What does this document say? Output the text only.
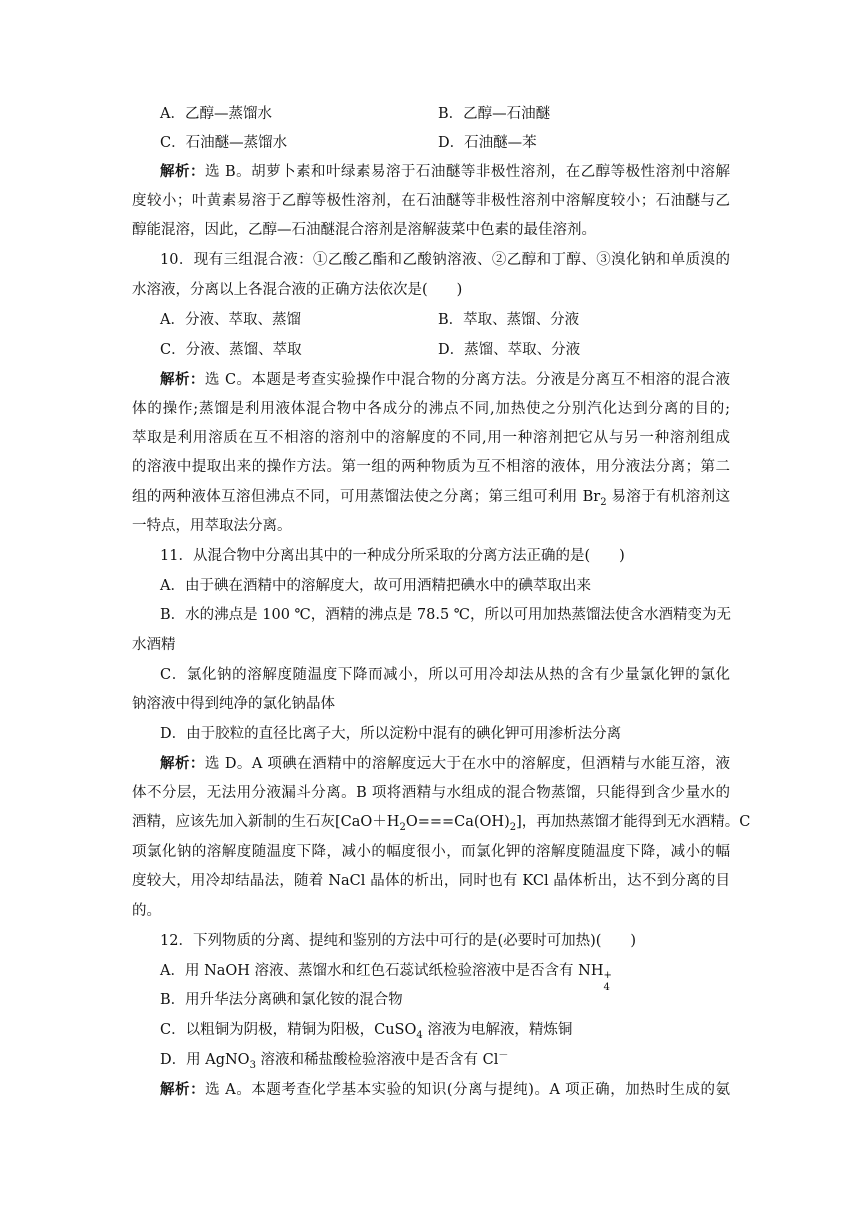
A．乙醇—蒸馏水	B．乙醇—石油醚
C．石油醚—蒸馏水	D．石油醚—苯
解析：选 B。胡萝卜素和叶绿素易溶于石油醚等非极性溶剂，在乙醇等极性溶剂中溶解
度较小；叶黄素易溶于乙醇等极性溶剂，在石油醚等非极性溶剂中溶解度较小；石油醚与乙
醇能混溶，因此，乙醇—石油醚混合溶剂是溶解菠菜中色素的最佳溶剂。
10．现有三组混合液：①乙酸乙酯和乙酸钠溶液、②乙醇和丁醇、③溴化钠和单质溴的
水溶液，分离以上各混合液的正确方法依次是(　　)
A．分液、萃取、蒸馏	B．萃取、蒸馏、分液
C．分液、蒸馏、萃取	D．蒸馏、萃取、分液
解析：选 C。本题是考查实验操作中混合物的分离方法。分液是分离互不相溶的混合液
体的操作;蒸馏是利用液体混合物中各成分的沸点不同,加热使之分别汽化达到分离的目的;
萃取是利用溶质在互不相溶的溶剂中的溶解度的不同,用一种溶剂把它从与另一种溶剂组成
的溶液中提取出来的操作方法。第一组的两种物质为互不相溶的液体，用分液法分离；第二
组的两种液体互溶但沸点不同，可用蒸馏法使之分离；第三组可利用 $Br_2$ 易溶于有机溶剂这
一特点，用萃取法分离。
11．从混合物中分离出其中的一种成分所采取的分离方法正确的是(　　)
A．由于碘在酒精中的溶解度大，故可用酒精把碘水中的碘萃取出来
B．水的沸点是 100 ℃，酒精的沸点是 78.5 ℃，所以可用加热蒸馏法使含水酒精变为无
水酒精
C．氯化钠的溶解度随温度下降而减小，所以可用冷却法从热的含有少量氯化钾的氯化
钠溶液中得到纯净的氯化钠晶体
D．由于胶粒的直径比离子大，所以淀粉中混有的碘化钾可用渗析法分离
解析：选 D。A 项碘在酒精中的溶解度远大于在水中的溶解度，但酒精与水能互溶，液
体不分层，无法用分液漏斗分离。B 项将酒精与水组成的混合物蒸馏，只能得到含少量水的
酒精，应该先加入新制的生石灰$[CaO+H_2O===Ca(OH)_2]$，再加热蒸馏才能得到无水酒精。C
项氯化钠的溶解度随温度下降，减小的幅度很小，而氯化钾的溶解度随温度下降，减小的幅
度较大，用冷却结晶法，随着 NaCl 晶体的析出，同时也有 KCl 晶体析出，达不到分离的目
的。
12．下列物质的分离、提纯和鉴别的方法中可行的是(必要时可加热)(　　)
A．用 NaOH 溶液、蒸馏水和红色石蕊试纸检验溶液中是否含有 NH +
4
B．用升华法分离碘和氯化铵的混合物
C．以粗铜为阴极，精铜为阳极，CuSO$_4$ 溶液为电解液，精炼铜
D．用 AgNO$_3$ 溶液和稀盐酸检验溶液中是否含有 Cl－
解析：选 A。本题考查化学基本实验的知识(分离与提纯)。A 项正确，加热时生成的氨
